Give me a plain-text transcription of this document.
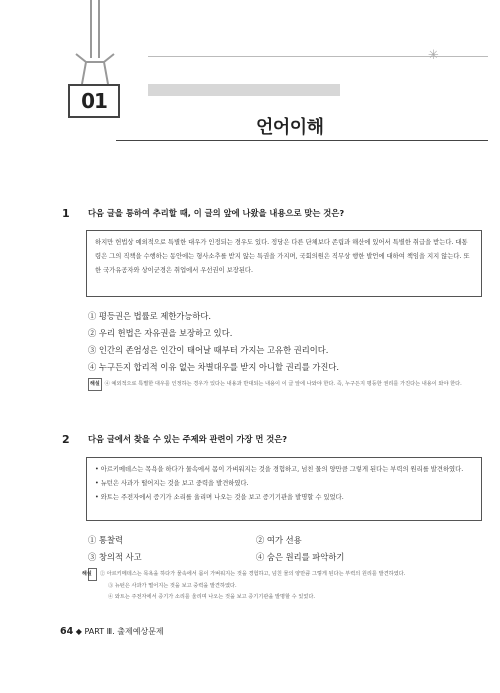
✳
01
언어이해
1 다음 글을 통하여 추리할 때, 이 글의 앞에 나왔을 내용으로 맞는 것은?
하지만 헌법상 예외적으로 특별한 대우가 인정되는 경우도 있다. 정당은 다른 단체보다 존립과 해산에 있어서 특별한 취급을 받는다. 대통령은 그의 직책을 수행하는 동안에는 형사소추를 받지 않는 특권을 가지며, 국회의원은 직무상 행한 발언에 대하여 책임을 지지 않는다. 또한 국가유공자와 상이군경은 취업에서 우선권이 보장된다.
① 평등권은 법률로 제한가능하다.
② 우리 헌법은 자유권을 보장하고 있다.
③ 인간의 존엄성은 인간이 태어날 때부터 가지는 고유한 권리이다.
④ 누구든지 합리적 이유 없는 차별대우를 받지 아니할 권리를 가진다.
해설 ④ 예외적으로 특별한 대우를 인정하는 경우가 있다는 내용과 반대되는 내용이 이 글 앞에 나와야 한다. 즉, 누구든지 평등한 권리를 가진다는 내용이 와야 한다.
2 다음 글에서 찾을 수 있는 주제와 관련이 가장 먼 것은?
• 아르키메데스는 목욕을 하다가 물속에서 몸이 가벼워지는 것을 경험하고, 넘친 물의 양만큼 그렇게 된다는 부력의 원리를 발견하였다.
• 뉴턴은 사과가 떨어지는 것을 보고 중력을 발견하였다.
• 와트는 주전자에서 증기가 소리를 울리며 나오는 것을 보고 증기기관을 발명할 수 있었다.
① 통찰력	② 여가 선용
③ 창의적 사고	④ 숨은 원리를 파악하기
해설 ② 아르키메데스는 목욕을 하다가 물속에서 몸이 가벼워지는 것을 경험하고, 넘친 물의 양만큼 그렇게 된다는 부력의 원리를 발견하였다.
③ 뉴턴은 사과가 떨어지는 것을 보고 중력을 발견하였다.
④ 와트는 주전자에서 증기가 소리를 울리며 나오는 것을 보고 증기기관을 발명할 수 있었다.
64 ◆ PART Ⅲ. 출제예상문제
